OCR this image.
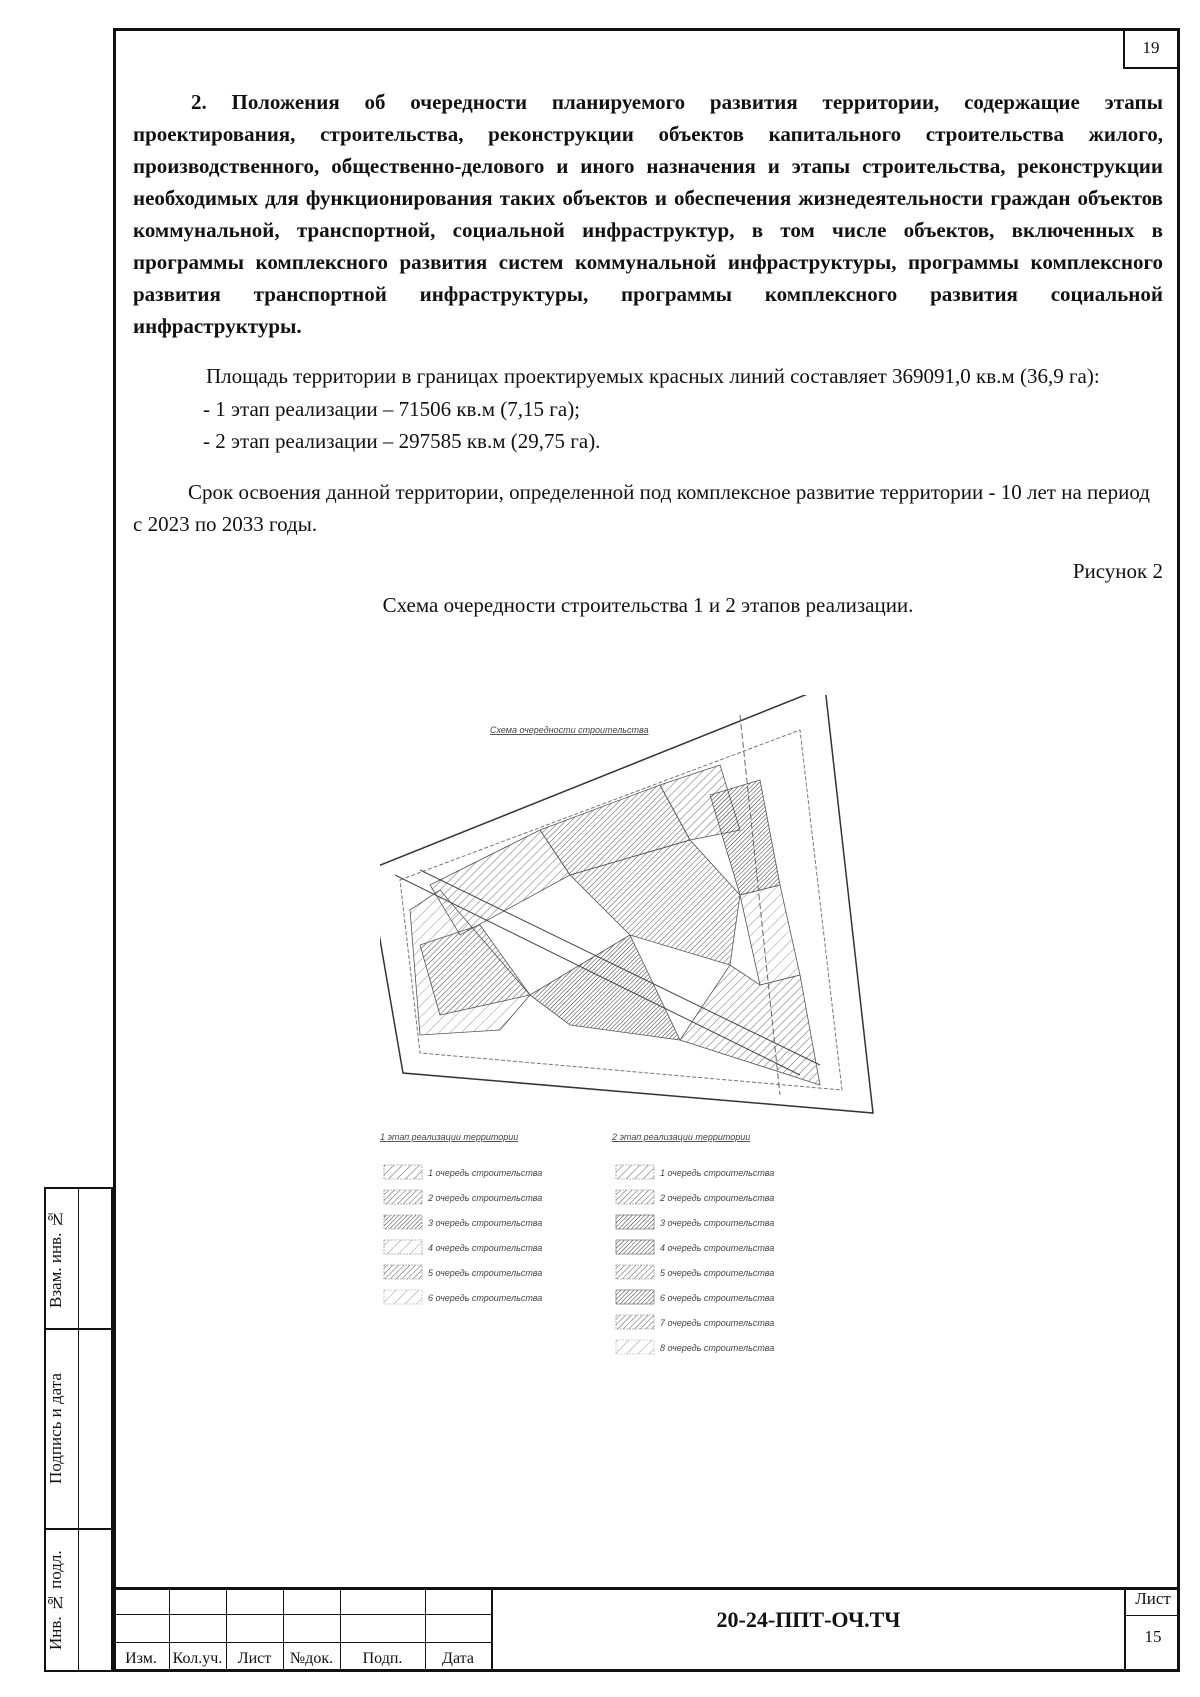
19

2. Положения об очередности планируемого развития территории, содержащие этапы проектирования, строительства, реконструкции объектов капитального строительства жилого, производственного, общественно-делового и иного назначения и этапы строительства, реконструкции необходимых для функционирования таких объектов и обеспечения жизнедеятельности граждан объектов коммунальной, транспортной, социальной инфраструктур, в том числе объектов, включенных в программы комплексного развития систем коммунальной инфраструктуры, программы комплексного развития транспортной инфраструктуры, программы комплексного развития социальной инфраструктуры.

Площадь территории в границах проектируемых красных линий составляет 369091,0 кв.м (36,9 га):

- 1 этап реализации – 71506 кв.м (7,15 га);

- 2 этап реализации – 297585 кв.м (29,75 га).

Срок освоения данной территории, определенной под комплексное развитие территории - 10 лет на период с 2023 по 2033 годы.

Рисунок 2

Схема очередности строительства 1 и 2 этапов реализации.

Схема очередности строительства
1 этап реализации территории
1 очередь строительства
2 очередь строительства
3 очередь строительства
4 очередь строительства
5 очередь строительства
6 очередь строительства
2 этап реализации территории
1 очередь строительства
2 очередь строительства
3 очередь строительства
4 очередь строительства
5 очередь строительства
6 очередь строительства
7 очередь строительства
8 очередь строительства
Взам. инв. №
Подпись и дата
Инв. № подл.
Изм. Кол.уч. Лист	№док.	Подп.	Дата
20-24-ППТ-ОЧ.ТЧ
Лист
15
